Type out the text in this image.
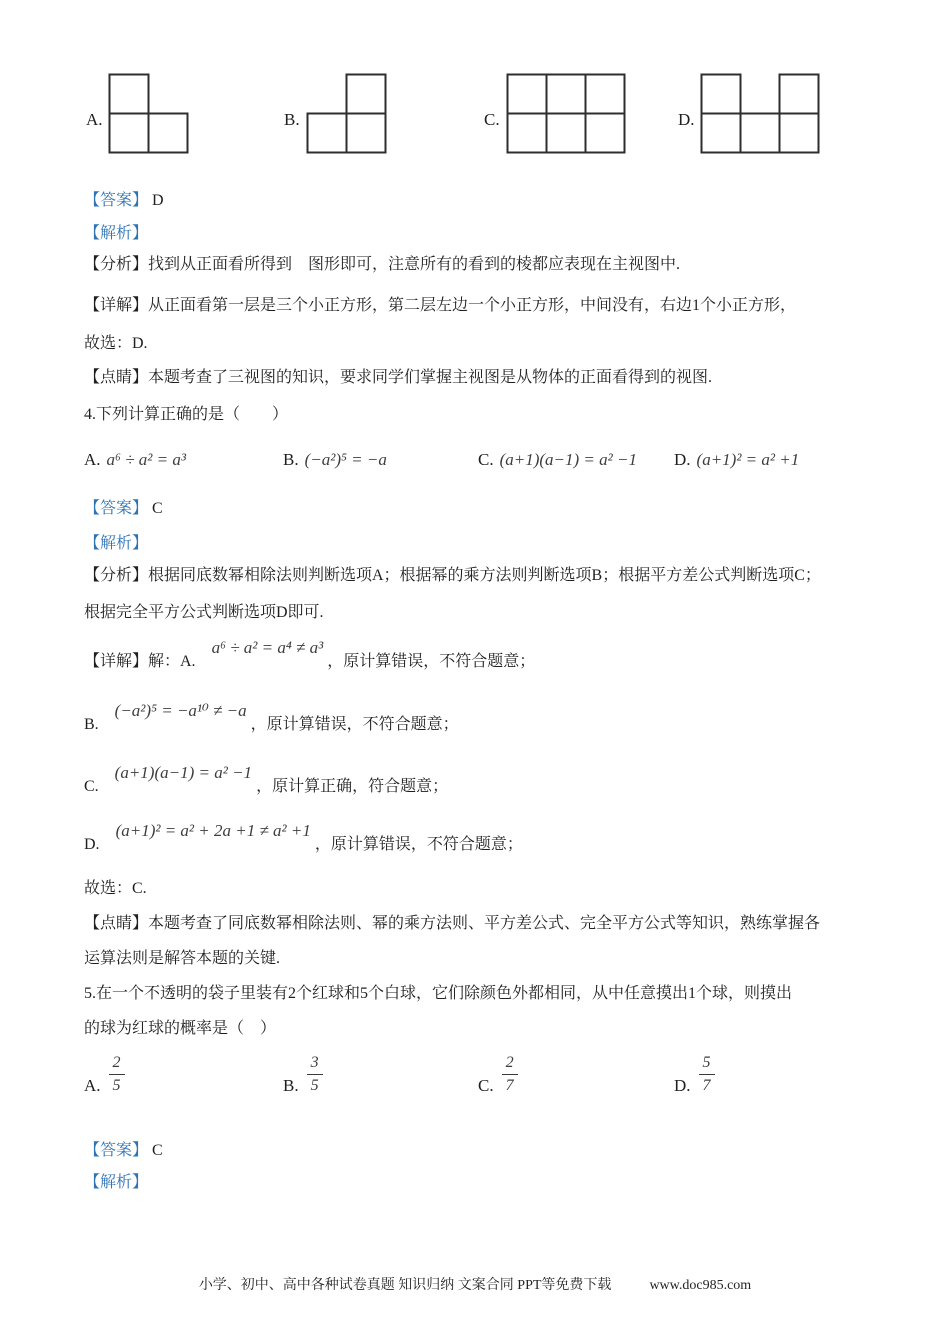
A.	B.	C.	D.
【答案】 D
【解析】
【分析】找到从正面看所得到　图形即可，注意所有的看到的棱都应表现在主视图中.
【详解】从正面看第一层是三个小正方形，第二层左边一个小正方形，中间没有，右边1个小正方形，
故选：D.
【点睛】本题考查了三视图的知识，要求同学们掌握主视图是从物体的正面看得到的视图.
4.下列计算正确的是（　　）
A. a⁶ ÷ a² = a³	B. (−a²)⁵ = −a	C. (a+1)(a−1) = a² −1 D. (a+1)² = a² +1
【答案】 C
【解析】
【分析】根据同底数幂相除法则判断选项A；根据幂的乘方法则判断选项B；根据平方差公式判断选项C；
根据完全平方公式判断选项D即可.
【详解】解：A.a⁶ ÷ a² = a⁴ ≠ a³，原计算错误，不符合题意；
B.(−a²)⁵ = −a¹⁰ ≠ −a，原计算错误，不符合题意；
C.(a+1)(a−1) = a² −1，原计算正确，符合题意；
D.(a+1)² = a² + 2a +1 ≠ a² +1，原计算错误，不符合题意；
故选：C.
【点睛】本题考查了同底数幂相除法则、幂的乘方法则、平方差公式、完全平方公式等知识，熟练掌握各
运算法则是解答本题的关键.
5.在一个不透明的袋子里装有2个红球和5个白球，它们除颜色外都相同，从中任意摸出1个球，则摸出
的球为红球的概率是（　）
A. $\frac{2}{5}$	B. $\frac{3}{5}$	C. $\frac{2}{7}$	D. $\frac{5}{7}$
【答案】 C
【解析】
小学、初中、高中各种试卷真题 知识归纳 文案合同 PPT等免费下载	www.doc985.com
